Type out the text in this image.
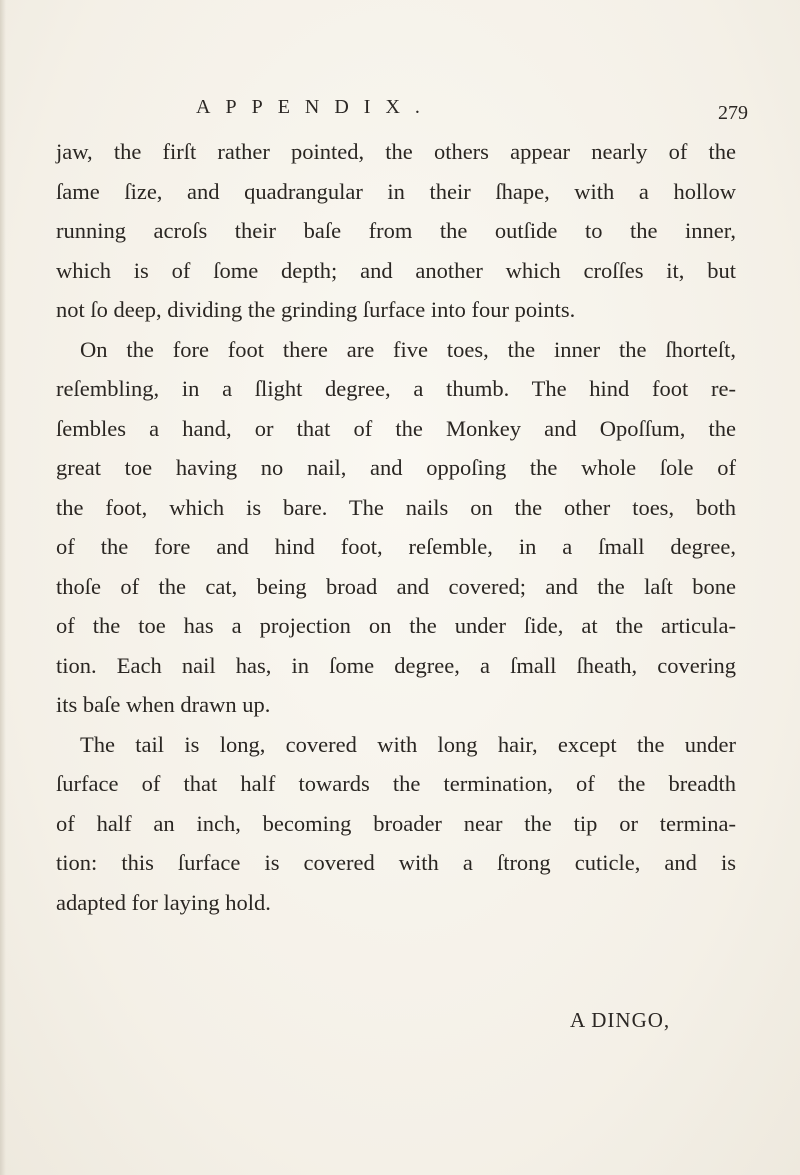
APPENDIX.	279
jaw, the firſt rather pointed, the others appear nearly of the
ſame ſize, and quadrangular in their ſhape, with a hollow
running acroſs their baſe from the outſide to the inner,
which is of ſome depth; and another which croſſes it, but
not ſo deep, dividing the grinding ſurface into four points.
On the fore foot there are five toes, the inner the ſhorteſt,
reſembling, in a ſlight degree, a thumb. The hind foot re-
ſembles a hand, or that of the Monkey and Opoſſum, the
great toe having no nail, and oppoſing the whole ſole of
the foot, which is bare. The nails on the other toes, both
of the fore and hind foot, reſemble, in a ſmall degree,
thoſe of the cat, being broad and covered; and the laſt bone
of the toe has a projection on the under ſide, at the articula-
tion. Each nail has, in ſome degree, a ſmall ſheath, covering
its baſe when drawn up.
The tail is long, covered with long hair, except the under
ſurface of that half towards the termination, of the breadth
of half an inch, becoming broader near the tip or termina-
tion: this ſurface is covered with a ſtrong cuticle, and is
adapted for laying hold.
A DINGO,
